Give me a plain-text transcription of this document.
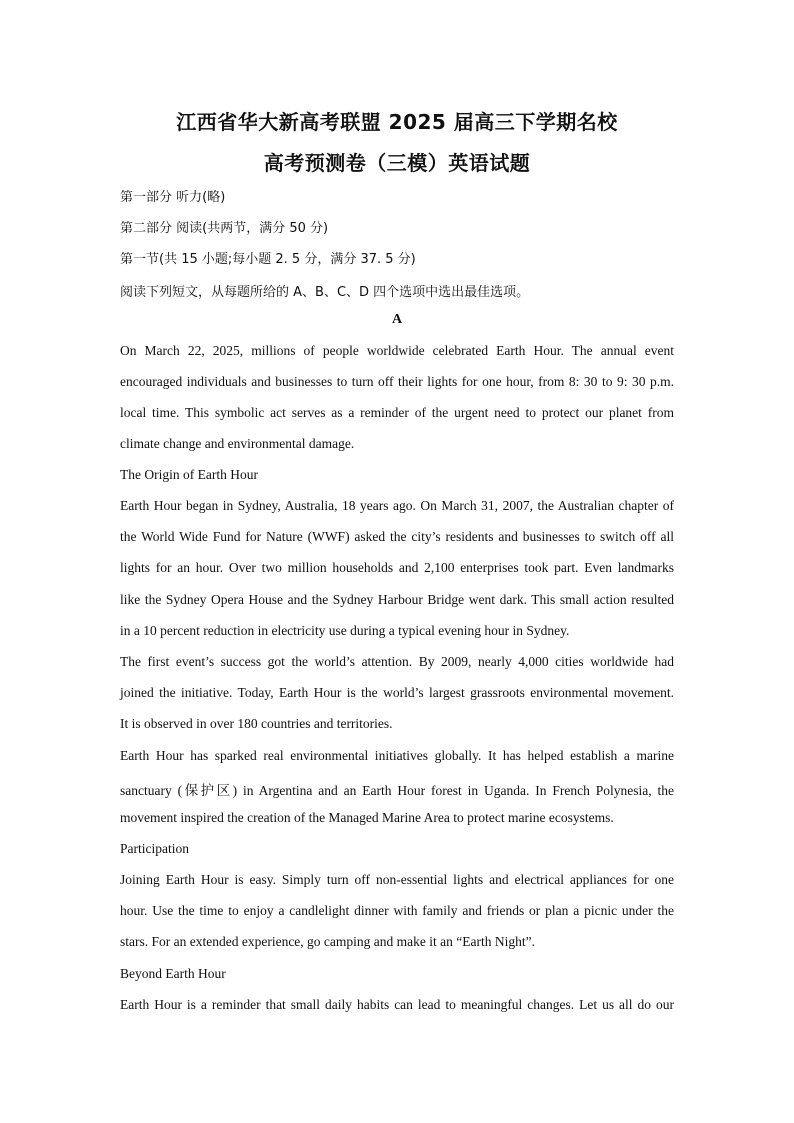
江西省华大新高考联盟 2025 届高三下学期名校
高考预测卷（三模）英语试题
第一部分 听力(略)
第二部分 阅读(共两节，满分 50 分)
第一节(共 15 小题;每小题 2. 5 分，满分 37. 5 分)
阅读下列短文，从每题所给的 A、B、C、D 四个选项中选出最佳选项。
A
On March 22, 2025, millions of people worldwide celebrated Earth Hour. The annual event
encouraged individuals and businesses to turn off their lights for one hour, from 8: 30 to 9: 30 p.m.
local time. This symbolic act serves as a reminder of the urgent need to protect our planet from
climate change and environmental damage.
The Origin of Earth Hour
Earth Hour began in Sydney, Australia, 18 years ago. On March 31, 2007, the Australian chapter of
the World Wide Fund for Nature (WWF) asked the city’s residents and businesses to switch off all
lights for an hour. Over two million households and 2,100 enterprises took part. Even landmarks
like the Sydney Opera House and the Sydney Harbour Bridge went dark. This small action resulted
in a 10 percent reduction in electricity use during a typical evening hour in Sydney.
The first event’s success got the world’s attention. By 2009, nearly 4,000 cities worldwide had
joined the initiative. Today, Earth Hour is the world’s largest grassroots environmental movement.
It is observed in over 180 countries and territories.
Earth Hour has sparked real environmental initiatives globally. It has helped establish a marine
sanctuary (保护区) in Argentina and an Earth Hour forest in Uganda. In French Polynesia, the
movement inspired the creation of the Managed Marine Area to protect marine ecosystems.
Participation
Joining Earth Hour is easy. Simply turn off non-essential lights and electrical appliances for one
hour. Use the time to enjoy a candlelight dinner with family and friends or plan a picnic under the
stars. For an extended experience, go camping and make it an “Earth Night”.
Beyond Earth Hour
Earth Hour is a reminder that small daily habits can lead to meaningful changes. Let us all do our
